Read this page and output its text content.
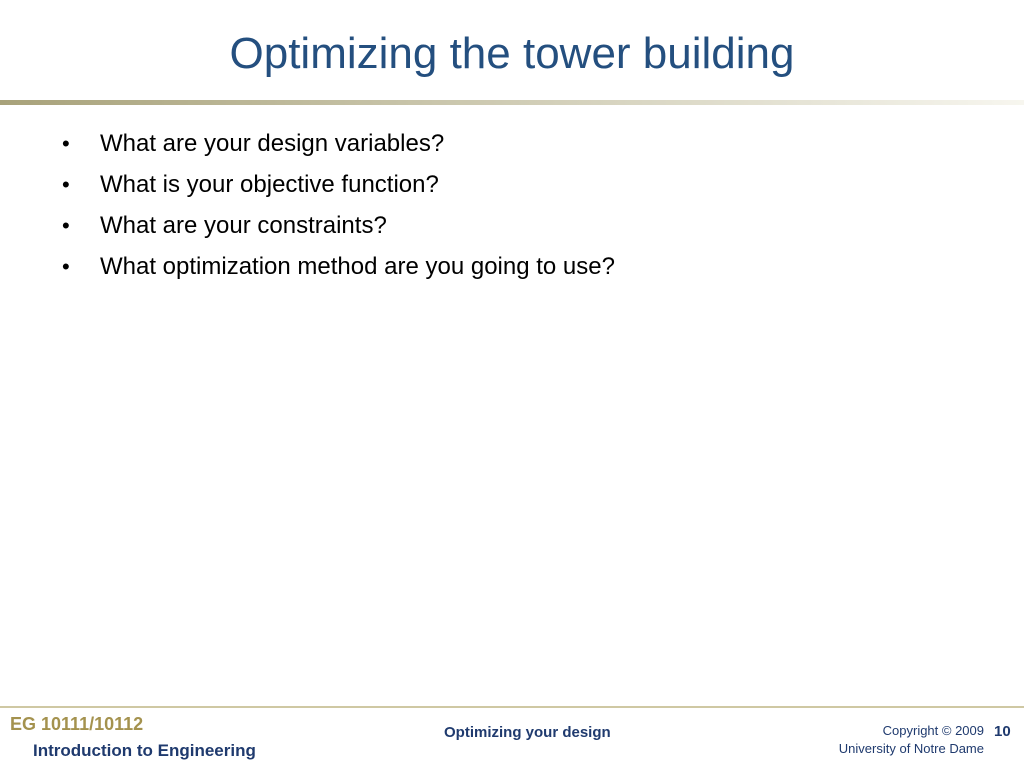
Optimizing the tower building
• What are your design variables?
• What is your objective function?
• What are your constraints?
• What optimization method are you going to use?
EG 10111/10112
Introduction to Engineering
Optimizing your design	Copyright © 2009
University of Notre Dame
10
